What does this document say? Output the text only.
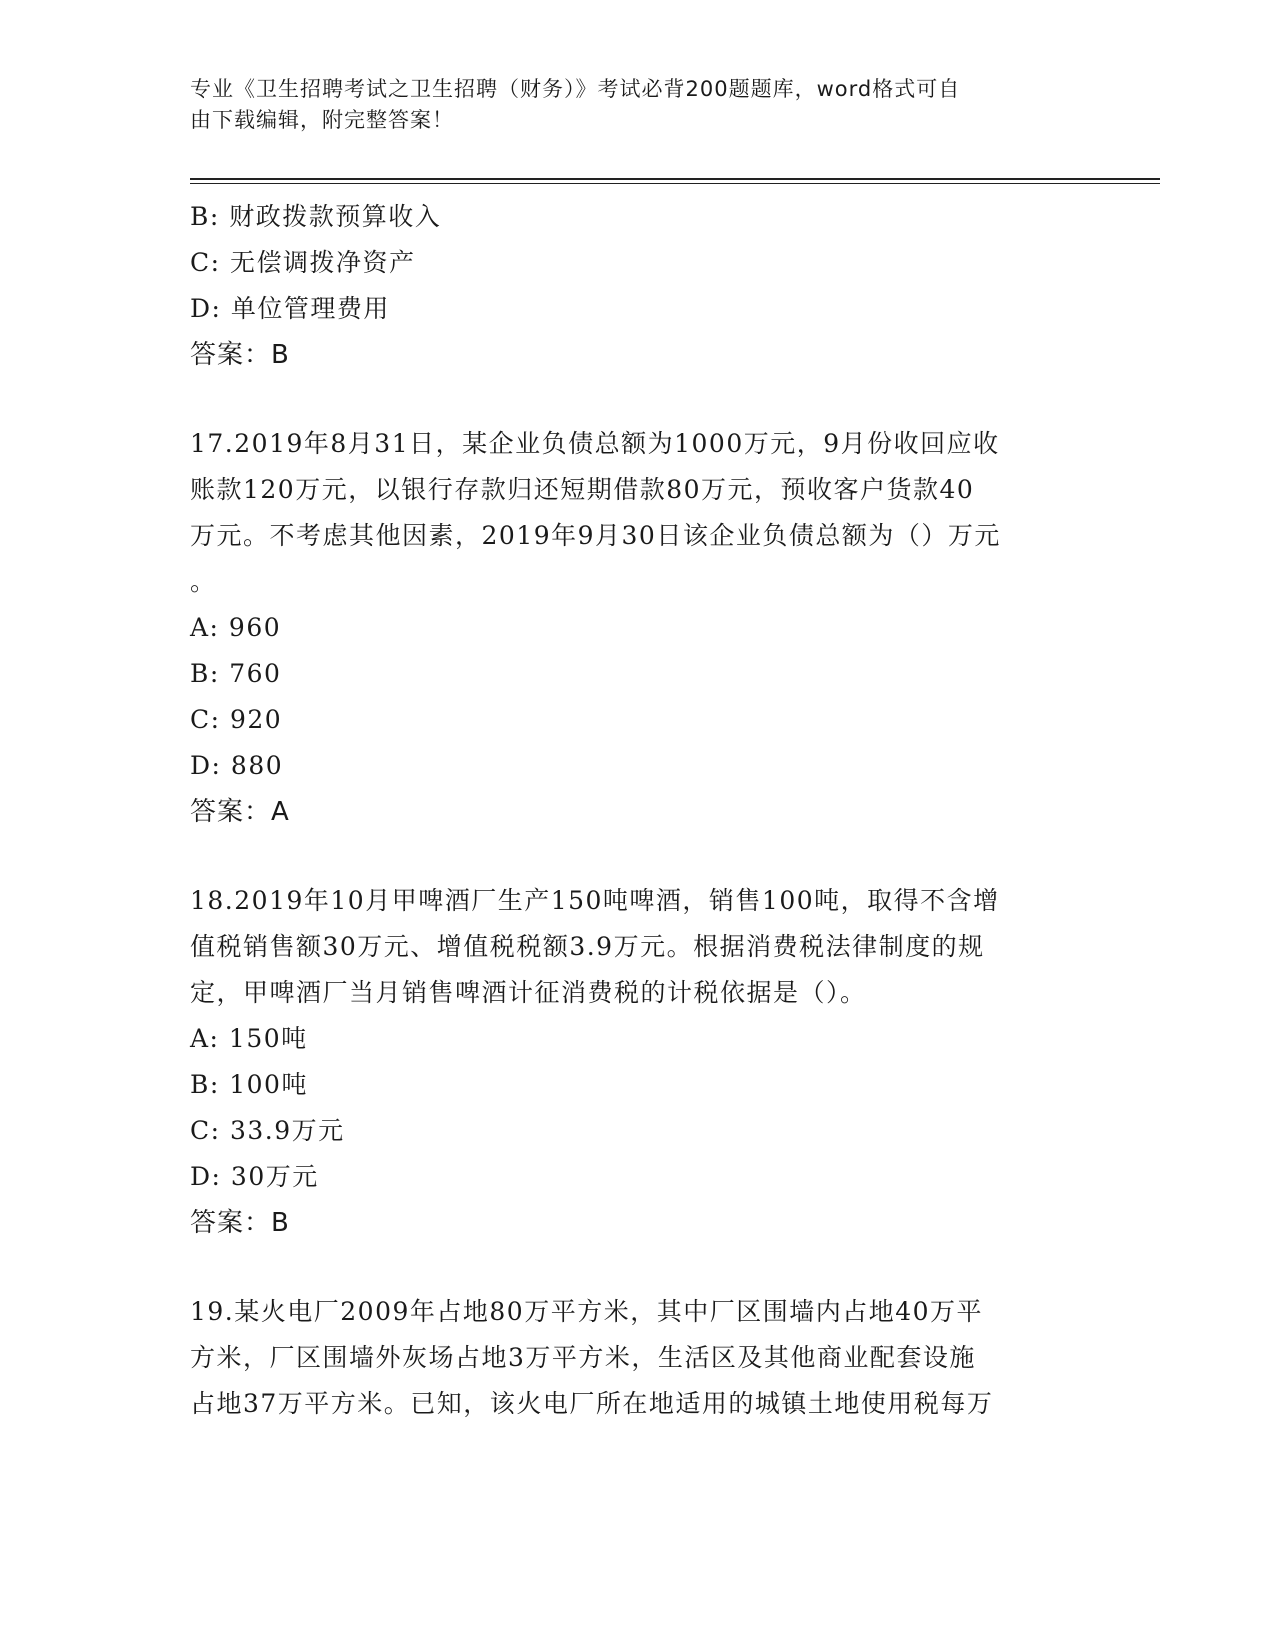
专业《卫生招聘考试之卫生招聘（财务）》考试必背200题题库，word格式可自
由下载编辑，附完整答案！
B: 财政拨款预算收入
C: 无偿调拨净资产
D: 单位管理费用
答案：B
17.2019年8月31日，某企业负债总额为1000万元，9月份收回应收
账款120万元，以银行存款归还短期借款80万元，预收客户货款40
万元。不考虑其他因素，2019年9月30日该企业负债总额为（）万元
。
A: 960
B: 760
C: 920
D: 880
答案：A
18.2019年10月甲啤酒厂生产150吨啤酒，销售100吨，取得不含增
值税销售额30万元、增值税税额3.9万元。根据消费税法律制度的规
定，甲啤酒厂当月销售啤酒计征消费税的计税依据是（）。
A: 150吨
B: 100吨
C: 33.9万元
D: 30万元
答案：B
19.某火电厂2009年占地80万平方米，其中厂区围墙内占地40万平
方米，厂区围墙外灰场占地3万平方米，生活区及其他商业配套设施
占地37万平方米。已知，该火电厂所在地适用的城镇土地使用税每万
